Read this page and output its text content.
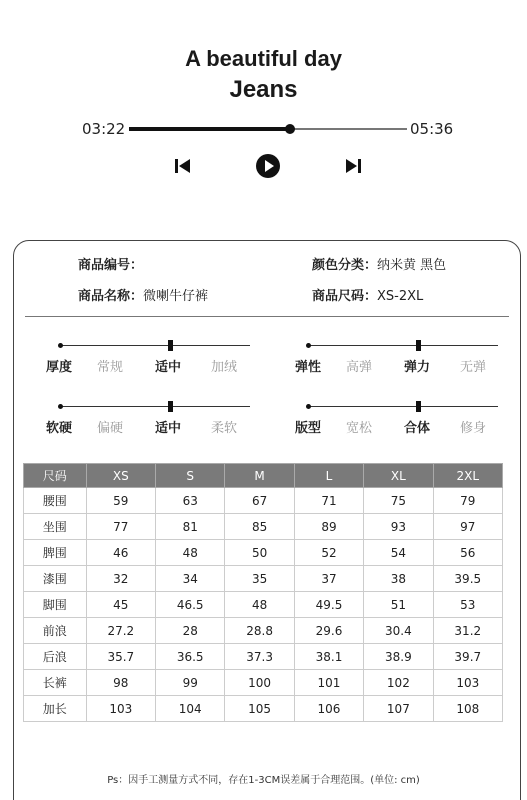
A beautiful day
Jeans
03:22	05:36
商品编号：	颜色分类：纳米黄 黑色
商品名称：微喇牛仔裤	商品尺码：XS-2XL
厚度 常规 适中 加绒	弹性 高弹 弹力 无弹
软硬 偏硬 适中 柔软	版型 宽松 合体 修身
尺码	XS	S	M	L	XL	2XL
腰围	59	63	67	71	75	79
坐围	77	81	85	89	93	97
脾围	46	48	50	52	54	56
漆围	32	34	35	37	38	39.5
脚围	45	46.5	48	49.5	51	53
前浪	27.2	28	28.8	29.6	30.4	31.2
后浪	35.7	36.5	37.3	38.1	38.9	39.7
长裤	98	99	100	101	102	103
加长	103	104	105	106	107	108
Ps：因手工测量方式不同，存在1-3CM误差属于合理范围。(单位: cm)
